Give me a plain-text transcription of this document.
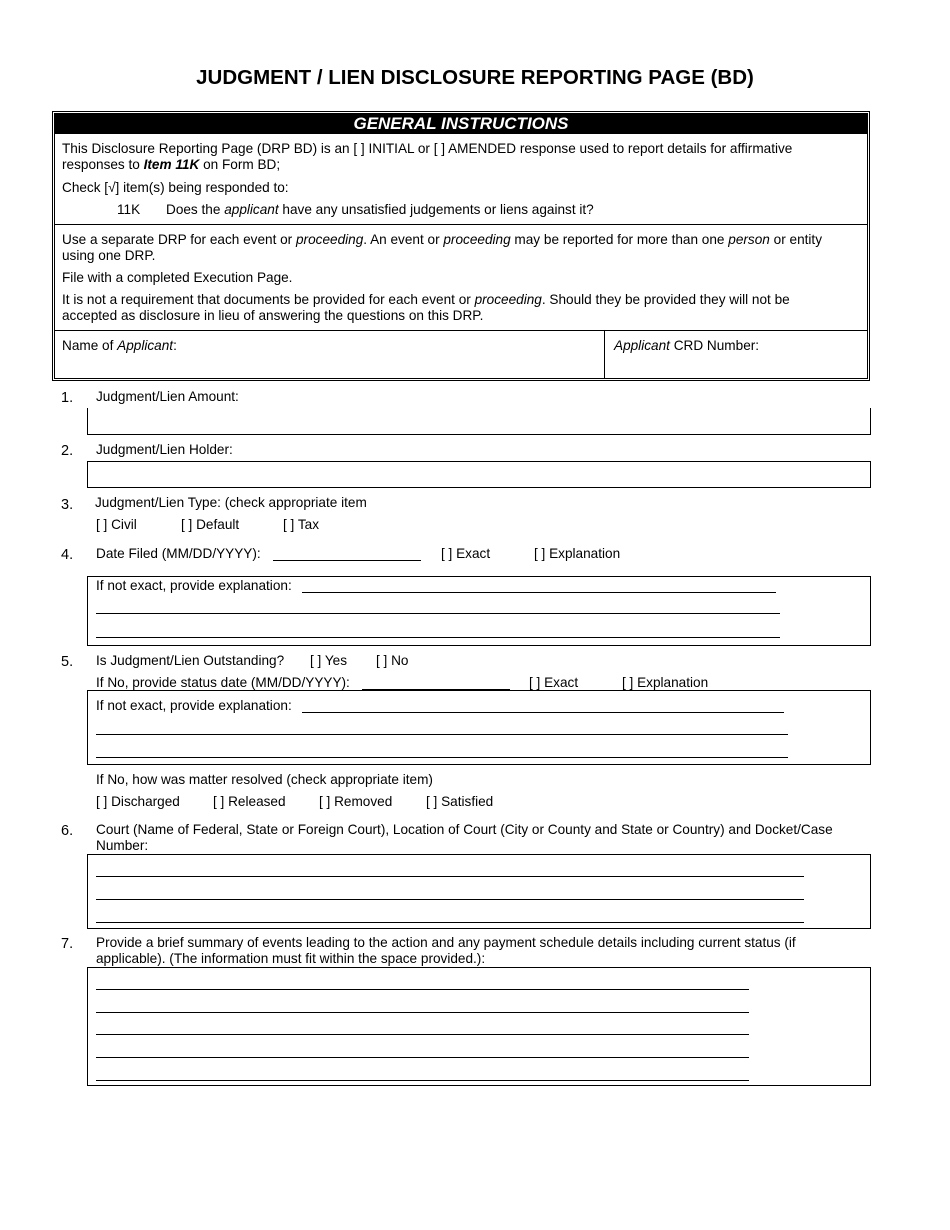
JUDGMENT / LIEN DISCLOSURE REPORTING PAGE (BD)
GENERAL INSTRUCTIONS
This Disclosure Reporting Page (DRP BD) is an [ ] INITIAL or [ ] AMENDED response used to report details for affirmative
responses to Item 11K on Form BD;
Check [√] item(s) being responded to:
11K Does the applicant have any unsatisfied judgements or liens against it?
Use a separate DRP for each event or proceeding. An event or proceeding may be reported for more than one person or entity
using one DRP.
File with a completed Execution Page.
It is not a requirement that documents be provided for each event or proceeding. Should they be provided they will not be
accepted as disclosure in lieu of answering the questions on this DRP.
Name of Applicant:	Applicant CRD Number:
1. Judgment/Lien Amount:
2. Judgment/Lien Holder:
3. Judgment/Lien Type: (check appropriate item
[ ] Civil	[ ] Default	[ ] Tax
4. Date Filed (MM/DD/YYYY):	[ ] Exact	[ ] Explanation
If not exact, provide explanation:
5. Is Judgment/Lien Outstanding? [ ] Yes [ ] No
If No, provide status date (MM/DD/YYYY):	[ ] Exact	[ ] Explanation
If not exact, provide explanation:
If No, how was matter resolved (check appropriate item)
[ ] Discharged [ ] Released [ ] Removed [ ] Satisfied
6. Court (Name of Federal, State or Foreign Court), Location of Court (City or County and State or Country) and Docket/Case
Number:
7. Provide a brief summary of events leading to the action and any payment schedule details including current status (if
applicable). (The information must fit within the space provided.):
